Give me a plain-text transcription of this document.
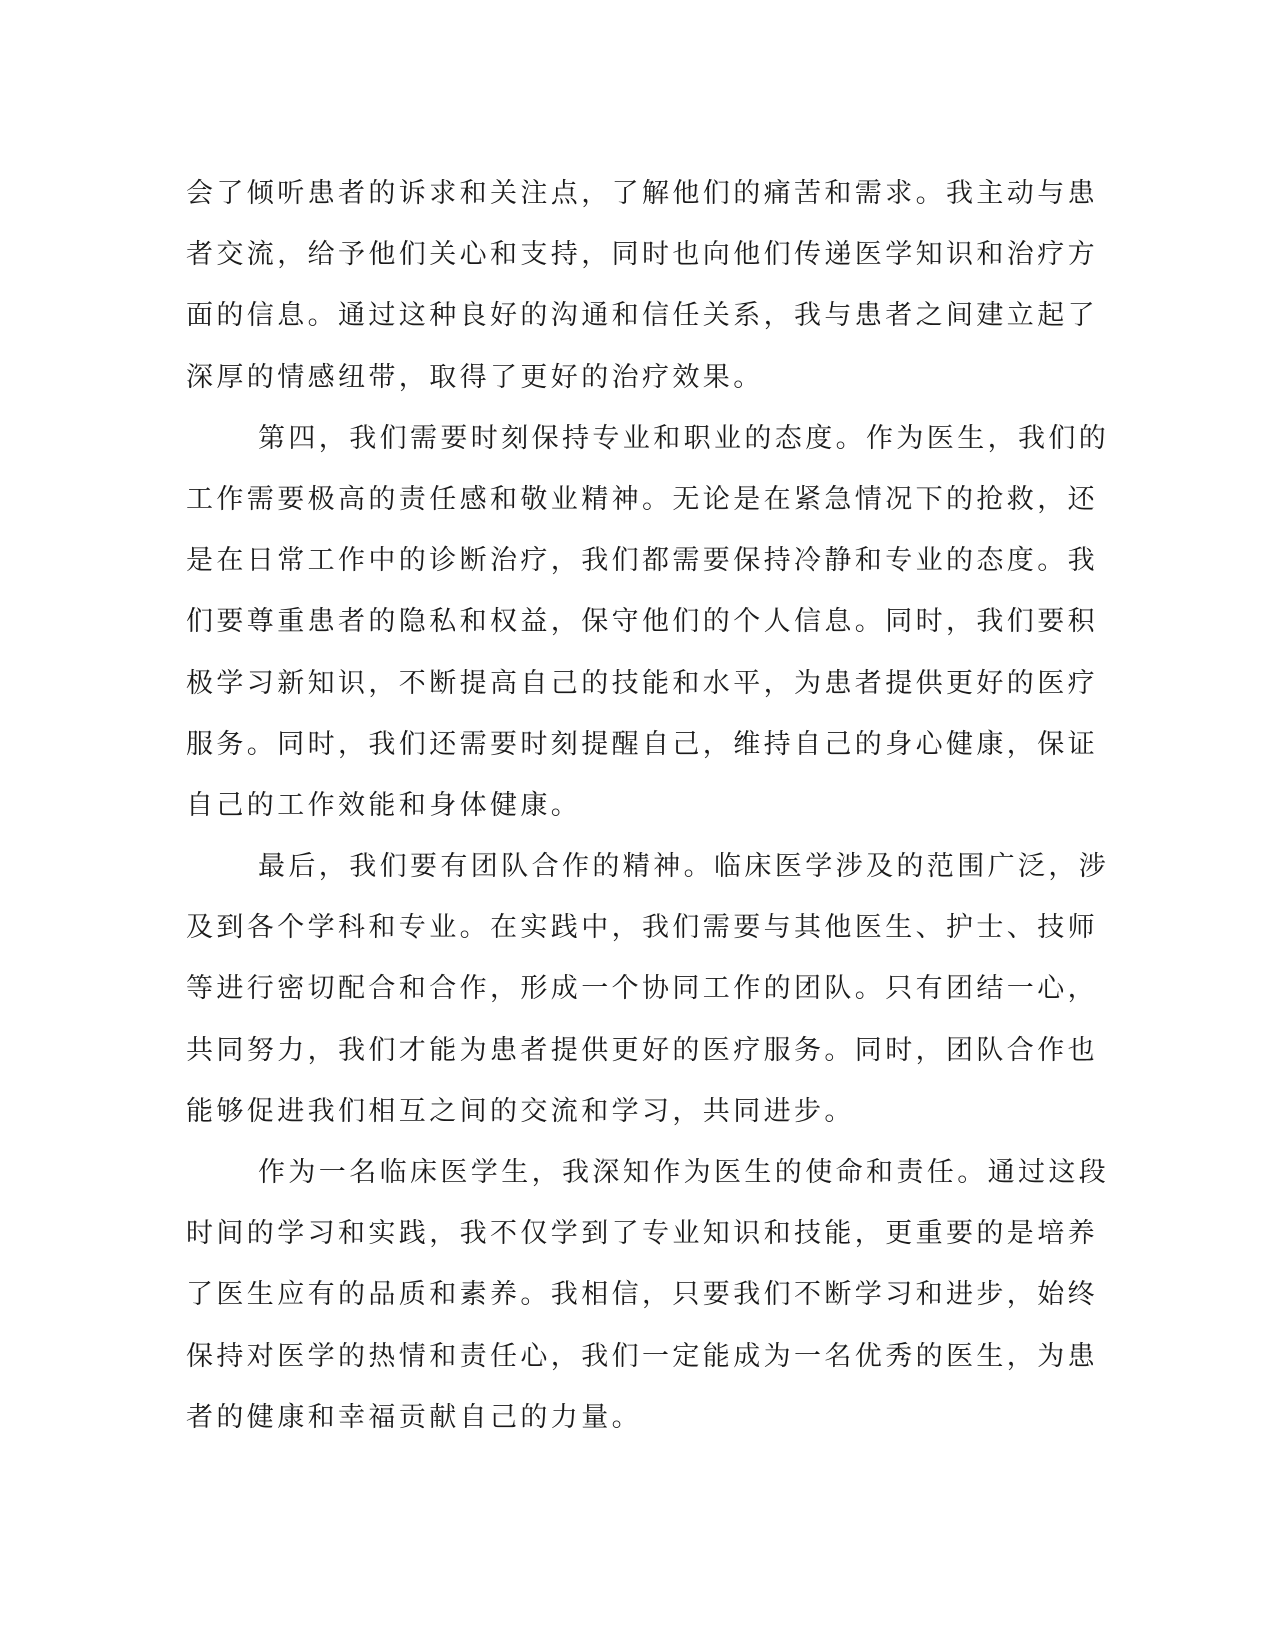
会了倾听患者的诉求和关注点，了解他们的痛苦和需求。我主动与患
者交流，给予他们关心和支持，同时也向他们传递医学知识和治疗方
面的信息。通过这种良好的沟通和信任关系，我与患者之间建立起了
深厚的情感纽带，取得了更好的治疗效果。
第四，我们需要时刻保持专业和职业的态度。作为医生，我们的
工作需要极高的责任感和敬业精神。无论是在紧急情况下的抢救，还
是在日常工作中的诊断治疗，我们都需要保持冷静和专业的态度。我
们要尊重患者的隐私和权益，保守他们的个人信息。同时，我们要积
极学习新知识，不断提高自己的技能和水平，为患者提供更好的医疗
服务。同时，我们还需要时刻提醒自己，维持自己的身心健康，保证
自己的工作效能和身体健康。
最后，我们要有团队合作的精神。临床医学涉及的范围广泛，涉
及到各个学科和专业。在实践中，我们需要与其他医生、护士、技师
等进行密切配合和合作，形成一个协同工作的团队。只有团结一心，
共同努力，我们才能为患者提供更好的医疗服务。同时，团队合作也
能够促进我们相互之间的交流和学习，共同进步。
作为一名临床医学生，我深知作为医生的使命和责任。通过这段
时间的学习和实践，我不仅学到了专业知识和技能，更重要的是培养
了医生应有的品质和素养。我相信，只要我们不断学习和进步，始终
保持对医学的热情和责任心，我们一定能成为一名优秀的医生，为患
者的健康和幸福贡献自己的力量。
